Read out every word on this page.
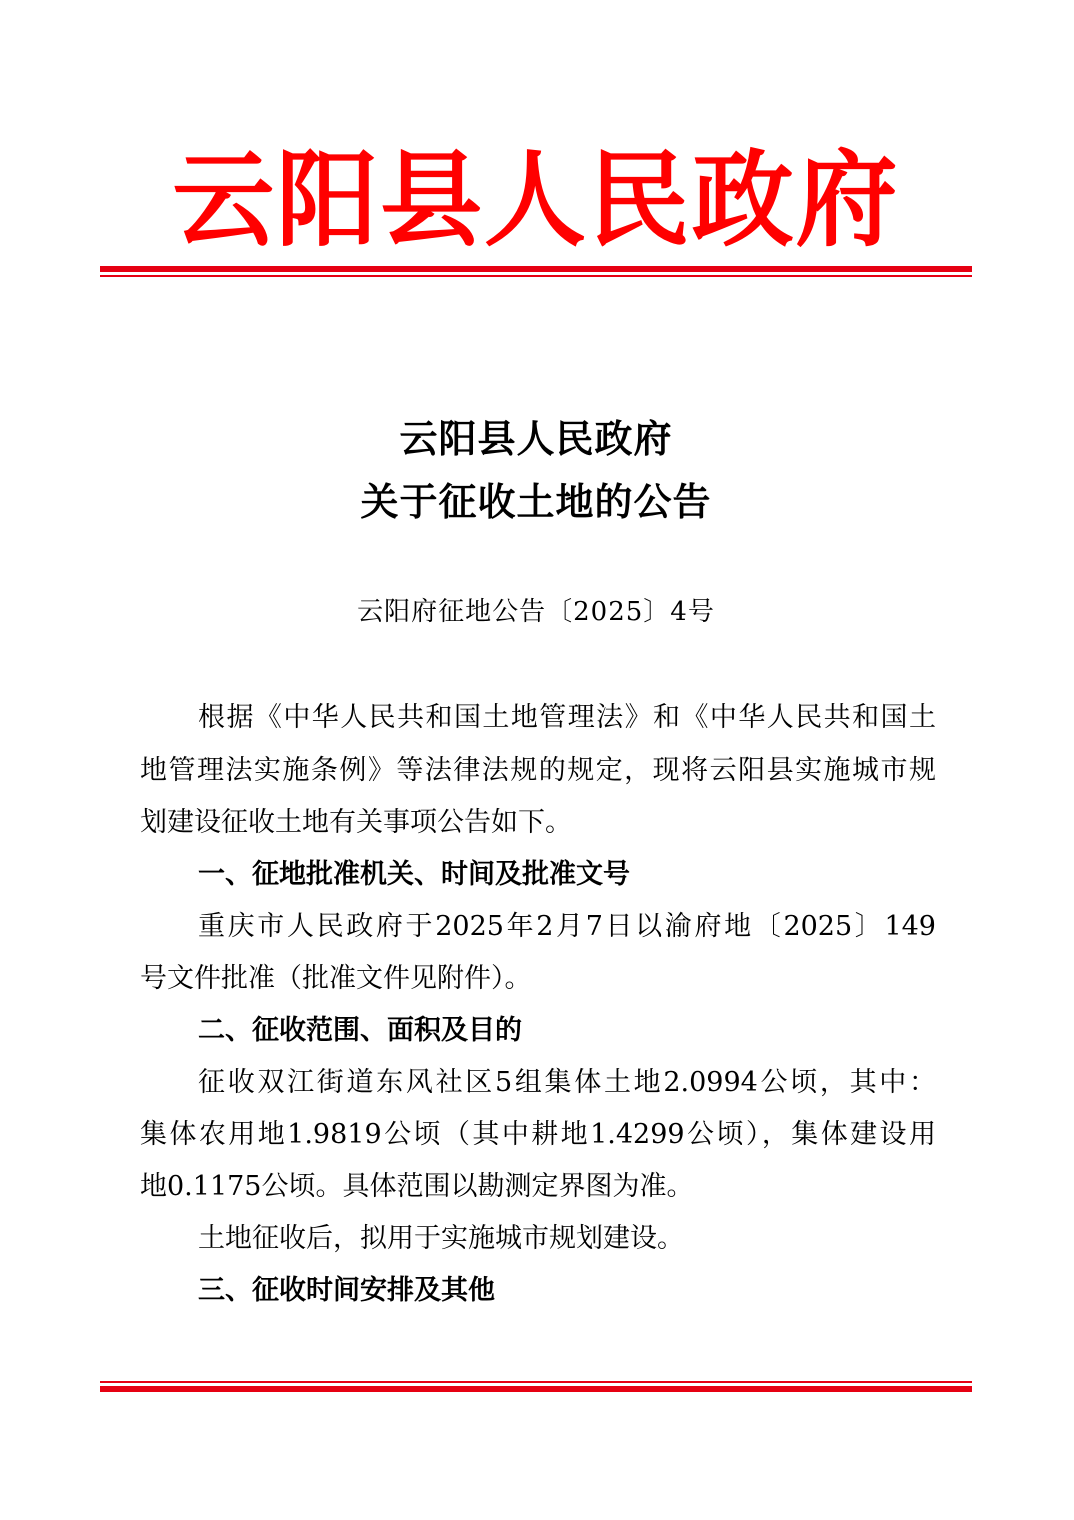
云阳县人民政府
云阳县人民政府
关于征收土地的公告
云阳府征地公告〔2025〕4号
根据《中华人民共和国土地管理法》和《中华人民共和国土
地管理法实施条例》等法律法规的规定，现将云阳县实施城市规
划建设征收土地有关事项公告如下。
一、征地批准机关、时间及批准文号
重庆市人民政府于2025年2月7日以渝府地〔2025〕149
号文件批准（批准文件见附件）。
二、征收范围、面积及目的
征收双江街道东风社区5组集体土地2.0994公顷，其中：
集体农用地1.9819公顷（其中耕地1.4299公顷），集体建设用
地0.1175公顷。具体范围以勘测定界图为准。
土地征收后，拟用于实施城市规划建设。
三、征收时间安排及其他
